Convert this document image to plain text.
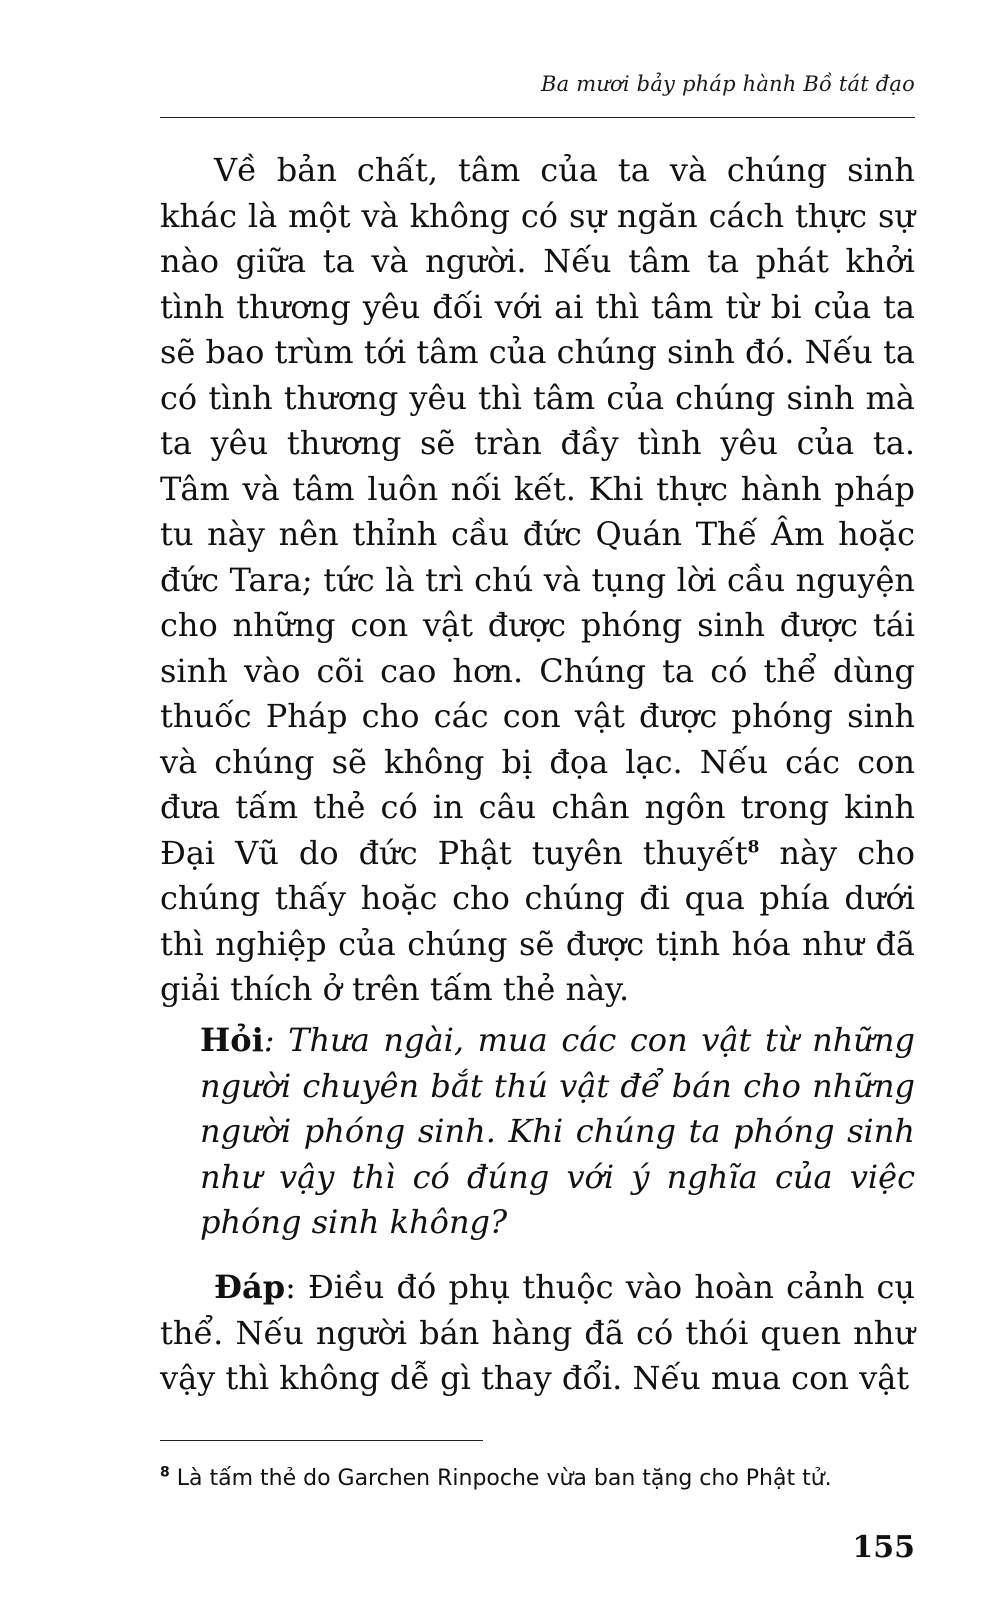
Ba mươi bảy pháp hành Bồ tát đạo

Về bản chất, tâm của ta và chúng sinh khác là một và không có sự ngăn cách thực sự nào giữa ta và người. Nếu tâm ta phát khởi tình thương yêu đối với ai thì tâm từ bi của ta sẽ bao trùm tới tâm của chúng sinh đó. Nếu ta có tình thương yêu thì tâm của chúng sinh mà ta yêu thương sẽ tràn đầy tình yêu của ta. Tâm và tâm luôn nối kết. Khi thực hành pháp tu này nên thỉnh cầu đức Quán Thế Âm hoặc đức Tara; tức là trì chú và tụng lời cầu nguyện cho những con vật được phóng sinh được tái sinh vào cõi cao hơn. Chúng ta có thể dùng thuốc Pháp cho các con vật được phóng sinh và chúng sẽ không bị đọa lạc. Nếu các con đưa tấm thẻ có in câu chân ngôn trong kinh Đại Vũ do đức Phật tuyên thuyết$^8$ này cho chúng thấy hoặc cho chúng đi qua phía dưới thì nghiệp của chúng sẽ được tịnh hóa như đã giải thích ở trên tấm thẻ này.

Hỏi: Thưa ngài, mua các con vật từ những người chuyên bắt thú vật để bán cho những người phóng sinh. Khi chúng ta phóng sinh như vậy thì có đúng với ý nghĩa của việc phóng sinh không?

Đáp: Điều đó phụ thuộc vào hoàn cảnh cụ thể. Nếu người bán hàng đã có thói quen như vậy thì không dễ gì thay đổi. Nếu mua con vật

$^8$ Là tấm thẻ do Garchen Rinpoche vừa ban tặng cho Phật tử.

155
